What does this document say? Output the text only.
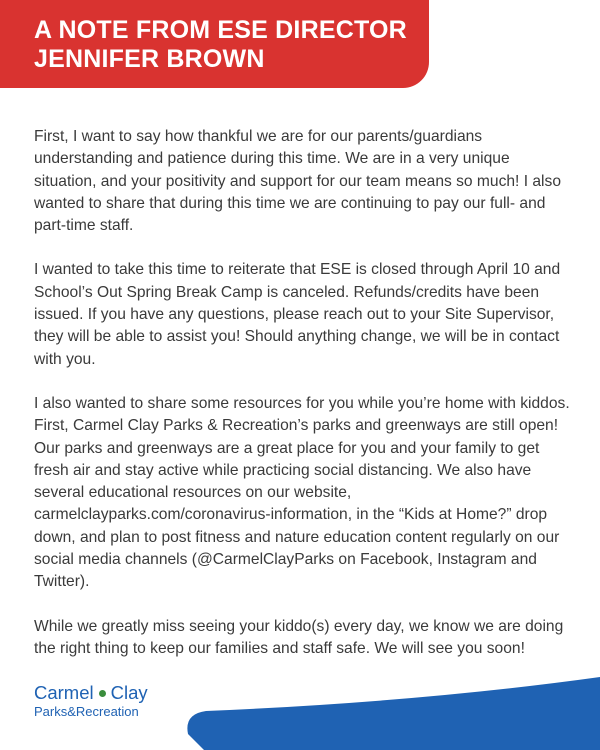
A NOTE FROM ESE DIRECTOR
JENNIFER BROWN

First, I want to say how thankful we are for our parents/guardians understanding and patience during this time. We are in a very unique situation, and your positivity and support for our team means so much! I also wanted to share that during this time we are continuing to pay our full- and part-time staff.

I wanted to take this time to reiterate that ESE is closed through April 10 and School’s Out Spring Break Camp is canceled. Refunds/credits have been issued. If you have any questions, please reach out to your Site Supervisor, they will be able to assist you! Should anything change, we will be in contact with you.

I also wanted to share some resources for you while you’re home with kiddos. First, Carmel Clay Parks & Recreation’s parks and greenways are still open! Our parks and greenways are a great place for you and your family to get fresh air and stay active while practicing social distancing. We also have several educational resources on our website, carmelclayparks.com/coronavirus-information, in the “Kids at Home?” drop down, and plan to post fitness and nature education content regularly on our social media channels (@CarmelClayParks on Facebook, Instagram and Twitter).

While we greatly miss seeing your kiddo(s) every day, we know we are doing the right thing to keep our families and staff safe. We will see you soon!

Carmel Clay
Parks&Recreation
